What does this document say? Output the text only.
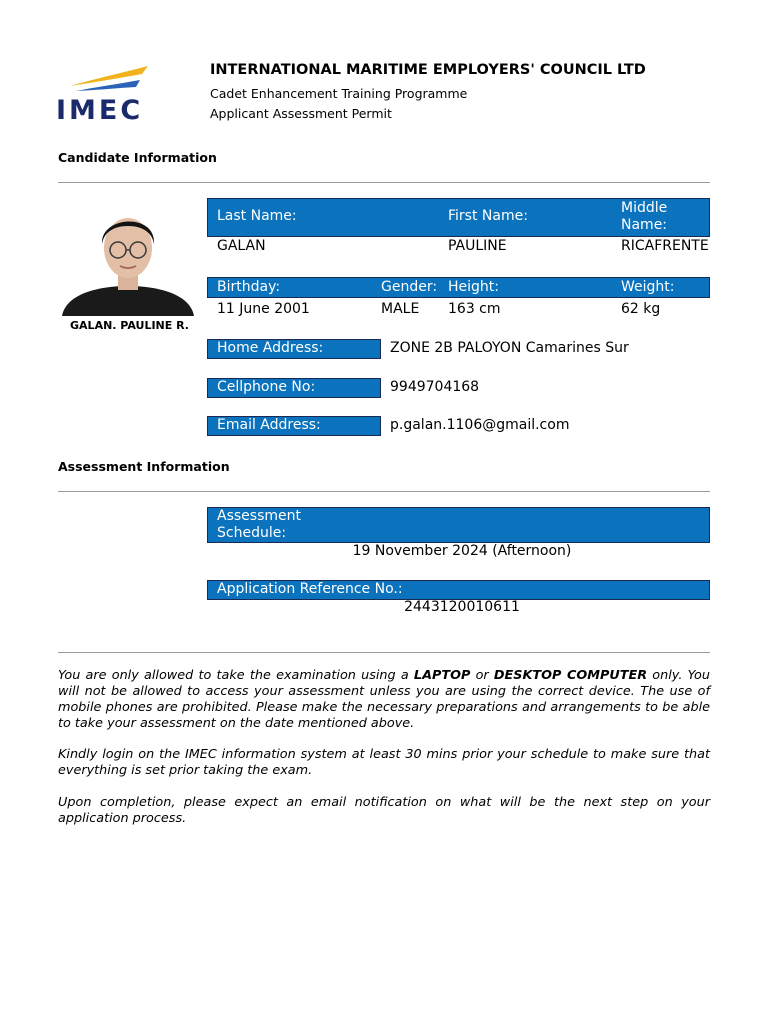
IMEC
INTERNATIONAL MARITIME EMPLOYERS' COUNCIL LTD
Cadet Enhancement Training Programme
Applicant Assessment Permit
Candidate Information
GALAN. PAULINE R.
Last Name:	First Name:	Middle
Name:
GALAN	PAULINE	RICAFRENTE
Birthday:	Gender: Height:	Weight:
11 June 2001	MALE 163 cm	62 kg
Home Address:	ZONE 2B PALOYON Camarines Sur
Cellphone No:	9949704168
Email Address:	p.galan.1106@gmail.com
Assessment Information
Assessment
Schedule:
19 November 2024 (Afternoon)
Application Reference No.:
2443120010611
You are only allowed to take the examination using a LAPTOP or DESKTOP COMPUTER only. You will not be allowed to access your assessment unless you are using the correct device. The use of mobile phones are prohibited. Please make the necessary preparations and arrangements to be able to take your assessment on the date mentioned above.
Kindly login on the IMEC information system at least 30 mins prior your schedule to make sure that everything is set prior taking the exam.
Upon completion, please expect an email notification on what will be the next step on your application process.
